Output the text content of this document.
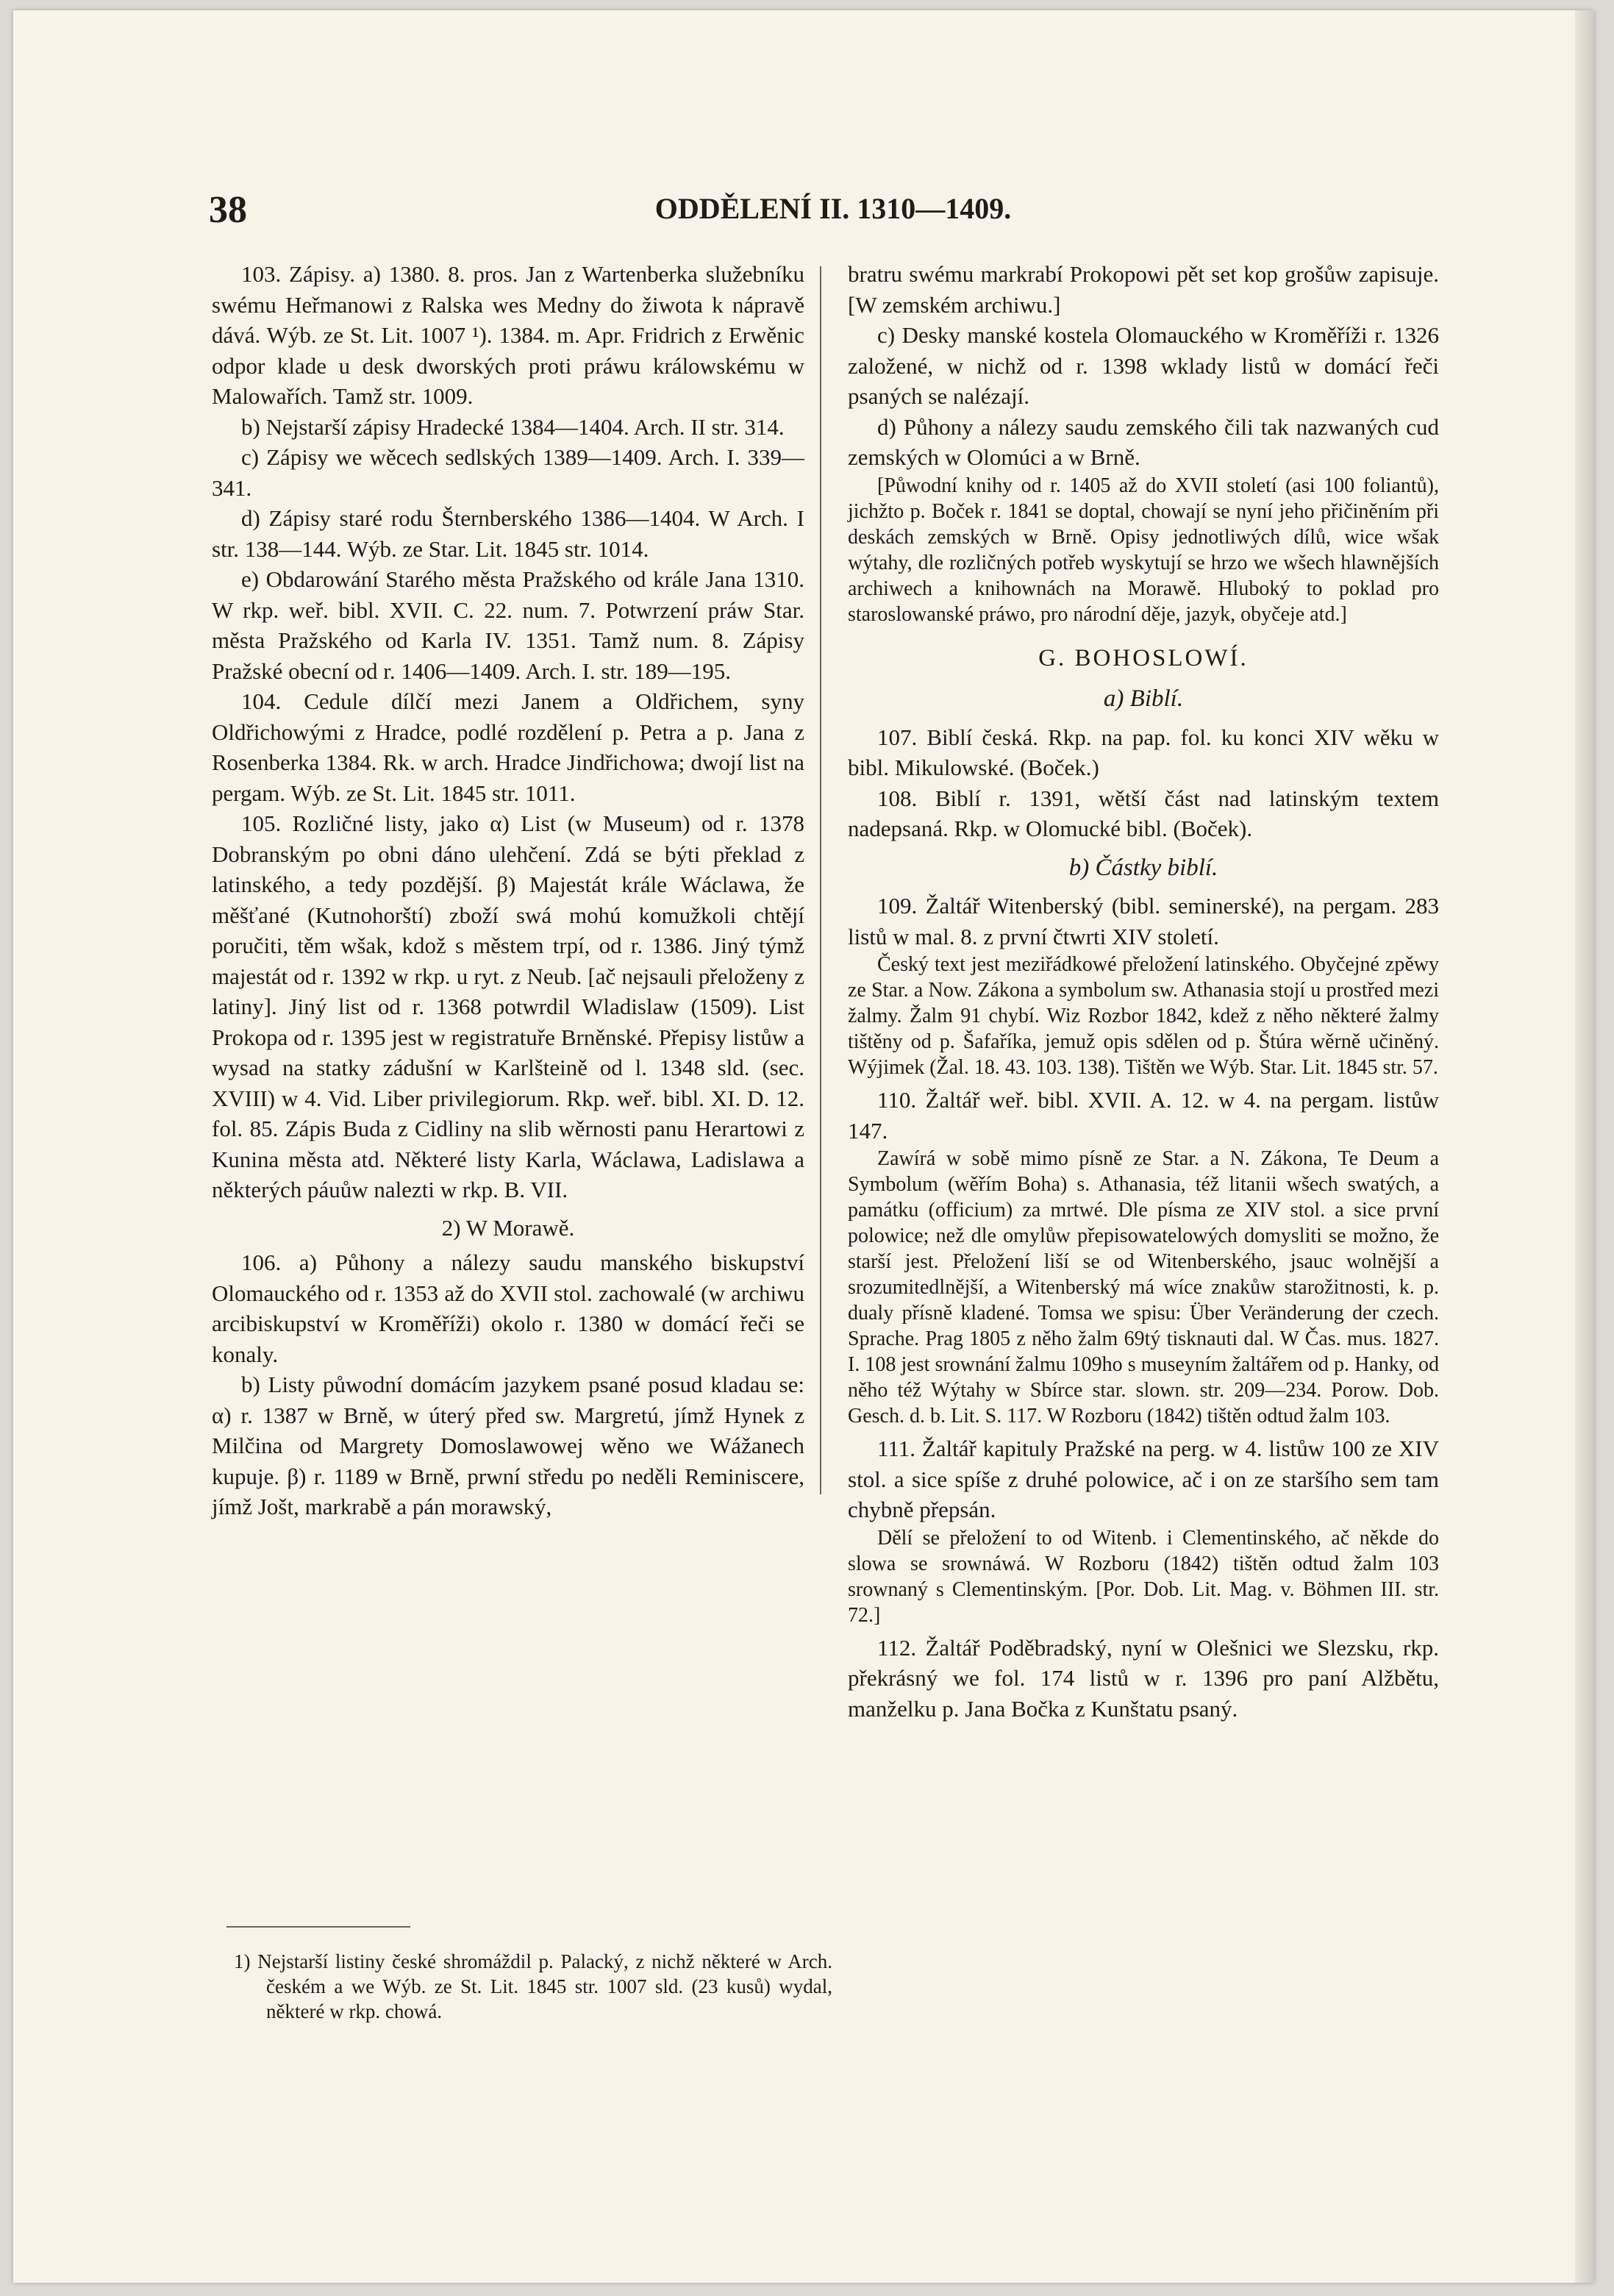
38	ODDĚLENÍ II. 1310—1409.

103. Zápisy. a) 1380. 8. pros. Jan z Wartenberka služebníku swému Heřmanowi z Ralska wes Medny do žiwota k nápravě dává. Wýb. ze St. Lit. 1007 ¹). 1384. m. Apr. Fridrich z Erwěnic odpor klade u desk dworských proti práwu králowskému w Malowařích. Tamž str. 1009.

b) Nejstarší zápisy Hradecké 1384—1404. Arch. II str. 314.

c) Zápisy we wěcech sedlských 1389—1409. Arch. I. 339—341.

d) Zápisy staré rodu Šternberského 1386—1404. W Arch. I str. 138—144. Wýb. ze Star. Lit. 1845 str. 1014.

e) Obdarowání Starého města Pražského od krále Jana 1310. W rkp. weř. bibl. XVII. C. 22. num. 7. Potwrzení práw Star. města Pražského od Karla IV. 1351. Tamž num. 8. Zápisy Pražské obecní od r. 1406—1409. Arch. I. str. 189—195.

104. Cedule dílčí mezi Janem a Oldřichem, syny Oldřichowými z Hradce, podlé rozdělení p. Petra a p. Jana z Rosenberka 1384. Rk. w arch. Hradce Jindřichowa; dwojí list na pergam. Wýb. ze St. Lit. 1845 str. 1011.

105. Rozličné listy, jako α) List (w Museum) od r. 1378 Dobranským po obni dáno ulehčení. Zdá se býti překlad z latinského, a tedy pozdější. β) Majestát krále Wáclawa, že měšťané (Kutnohorští) zboží swá mohú komužkoli chtějí poručiti, těm wšak, kdož s městem trpí, od r. 1386. Jiný týmž majestát od r. 1392 w rkp. u ryt. z Neub. [ač nejsauli přeloženy z latiny]. Jiný list od r. 1368 potwrdil Wladislaw (1509). List Prokopa od r. 1395 jest w registratuře Brněnské. Přepisy listůw a wysad na statky zádušní w Karlšteině od l. 1348 sld. (sec. XVIII) w 4. Vid. Liber privilegiorum. Rkp. weř. bibl. XI. D. 12. fol. 85. Zápis Buda z Cidliny na slib wěrnosti panu Herartowi z Kunina města atd. Některé listy Karla, Wáclawa, Ladislawa a některých páuůw nalezti w rkp. B. VII.

2) W Morawě.

106. a) Půhony a nálezy saudu manského biskupství Olomauckého od r. 1353 až do XVII stol. zachowalé (w archiwu arcibiskupství w Kroměříži) okolo r. 1380 w domácí řeči se konaly.

b) Listy půwodní domácím jazykem psané posud kladau se: α) r. 1387 w Brně, w úterý před sw. Margretú, jímž Hynek z Milčina od Margrety Domoslawowej wěno we Wážanech kupuje. β) r. 1189 w Brně, prwní středu po neděli Reminiscere, jímž Jošt, markrabě a pán morawský,

1) Nejstarší listiny české shromáždil p. Palacký, z nichž některé w Arch. českém a we Wýb. ze St. Lit. 1845 str. 1007 sld. (23 kusů) wydal, některé w rkp. chowá.

bratru swému markrabí Prokopowi pět set kop grošůw zapisuje. [W zemském archiwu.]

c) Desky manské kostela Olomauckého w Kroměříži r. 1326 založené, w nichž od r. 1398 wklady listů w domácí řeči psaných se nalézají.

d) Půhony a nálezy saudu zemského čili tak nazwaných cud zemských w Olomúci a w Brně.

[Půwodní knihy od r. 1405 až do XVII století (asi 100 foliantů), jichžto p. Boček r. 1841 se doptal, chowají se nyní jeho přičiněním při deskách zemských w Brně. Opisy jednotliwých dílů, wice wšak wýtahy, dle rozličných potřeb wyskytují se hrzo we wšech hlawnějších archiwech a knihownách na Morawě. Hluboký to poklad pro staroslowanské práwo, pro národní děje, jazyk, obyčeje atd.]

G. BOHOSLOWÍ.

a) Biblí.

107. Biblí česká. Rkp. na pap. fol. ku konci XIV wěku w bibl. Mikulowské. (Boček.)

108. Biblí r. 1391, wětší část nad latinským textem nadepsaná. Rkp. w Olomucké bibl. (Boček).

b) Částky biblí.

109. Žaltář Witenberský (bibl. seminerské), na pergam. 283 listů w mal. 8. z první čtwrti XIV století.

Český text jest meziřádkowé přeložení latinského. Obyčejné zpěwy ze Star. a Now. Zákona a symbolum sw. Athanasia stojí u prostřed mezi žalmy. Žalm 91 chybí. Wiz Rozbor 1842, kdež z něho některé žalmy tištěny od p. Šafaříka, jemuž opis sdělen od p. Štúra wěrně učiněný. Wýjimek (Žal. 18. 43. 103. 138). Tištěn we Wýb. Star. Lit. 1845 str. 57.

110. Žaltář weř. bibl. XVII. A. 12. w 4. na pergam. listůw 147.

Zawírá w sobě mimo písně ze Star. a N. Zákona, Te Deum a Symbolum (wěřím Boha) s. Athanasia, též litanii wšech swatých, a památku (officium) za mrtwé. Dle písma ze XIV stol. a sice první polowice; než dle omylůw přepisowatelowých domysliti se možno, že starší jest. Přeložení liší se od Witenberského, jsauc wolnější a srozumitedlnější, a Witenberský má wíce znakůw starožitnosti, k. p. dualy přísně kladené. Tomsa we spisu: Über Veränderung der czech. Sprache. Prag 1805 z něho žalm 69tý tisknauti dal. W Čas. mus. 1827. I. 108 jest srownání žalmu 109ho s museyním žaltářem od p. Hanky, od něho též Wýtahy w Sbírce star. slown. str. 209—234. Porow. Dob. Gesch. d. b. Lit. S. 117. W Rozboru (1842) tištěn odtud žalm 103.

111. Žaltář kapituly Pražské na perg. w 4. listůw 100 ze XIV stol. a sice spíše z druhé polowice, ač i on ze staršího sem tam chybně přepsán.

Dělí se přeložení to od Witenb. i Clementinského, ač někde do slowa se srownáwá. W Rozboru (1842) tištěn odtud žalm 103 srownaný s Clementinským. [Por. Dob. Lit. Mag. v. Böhmen III. str. 72.]

112. Žaltář Poděbradský, nyní w Olešnici we Slezsku, rkp. překrásný we fol. 174 listů w r. 1396 pro paní Alžbětu, manželku p. Jana Bočka z Kunštatu psaný.
